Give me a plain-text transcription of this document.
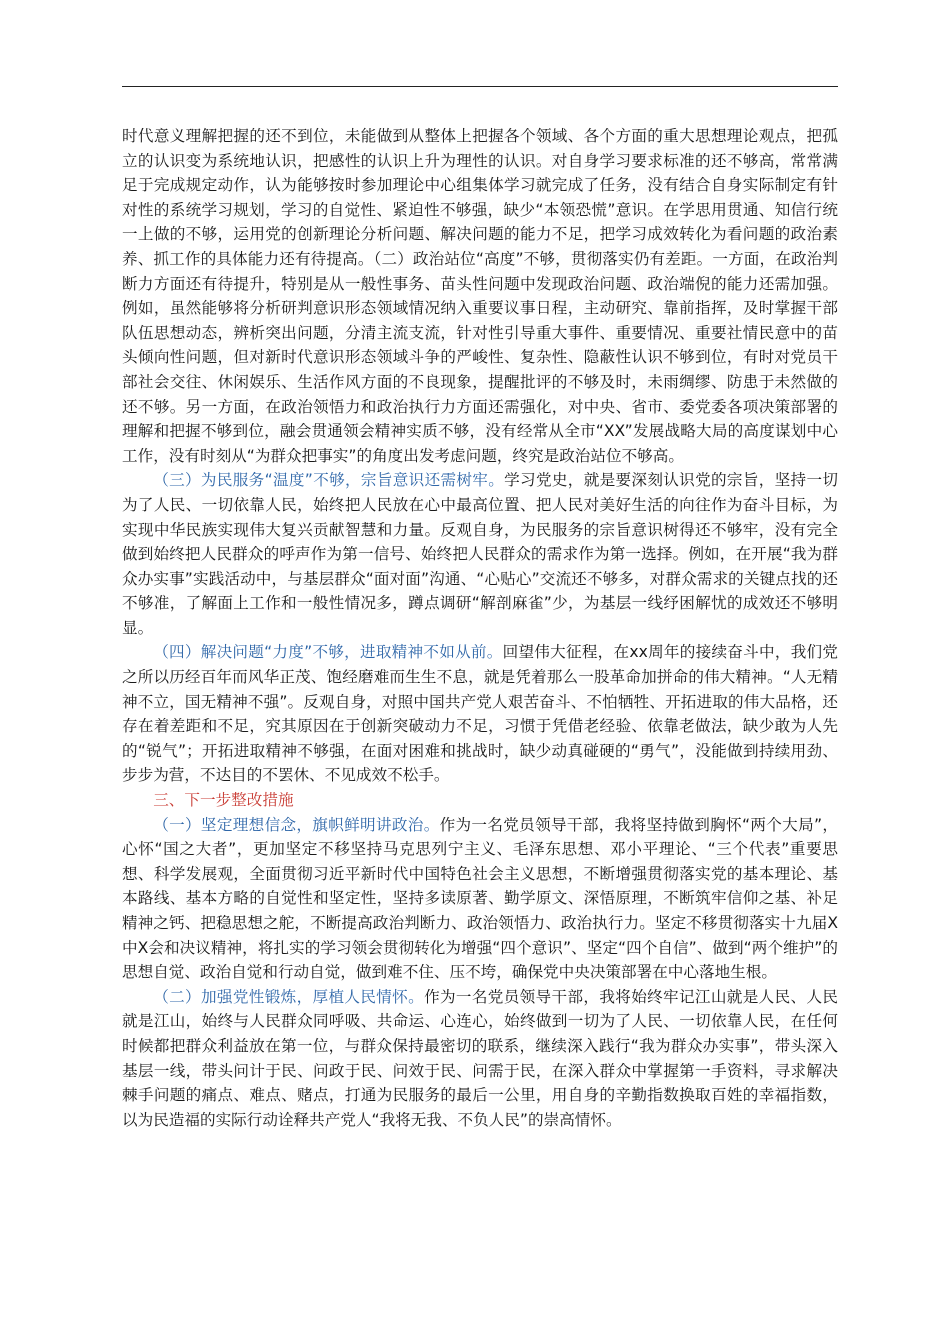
时代意义理解把握的还不到位，未能做到从整体上把握各个领域、各个方面的重大思想理论观点，把孤立的认识变为系统地认识，把感性的认识上升为理性的认识。对自身学习要求标准的还不够高，常常满足于完成规定动作，认为能够按时参加理论中心组集体学习就完成了任务，没有结合自身实际制定有针对性的系统学习规划，学习的自觉性、紧迫性不够强，缺少“本领恐慌”意识。在学思用贯通、知信行统一上做的不够，运用党的创新理论分析问题、解决问题的能力不足，把学习成效转化为看问题的政治素养、抓工作的具体能力还有待提高。（二）政治站位“高度”不够，贯彻落实仍有差距。一方面，在政治判断力方面还有待提升，特别是从一般性事务、苗头性问题中发现政治问题、政治端倪的能力还需加强。例如，虽然能够将分析研判意识形态领域情况纳入重要议事日程，主动研究、靠前指挥，及时掌握干部队伍思想动态，辨析突出问题，分清主流支流，针对性引导重大事件、重要情况、重要社情民意中的苗头倾向性问题，但对新时代意识形态领域斗争的严峻性、复杂性、隐蔽性认识不够到位，有时对党员干部社会交往、休闲娱乐、生活作风方面的不良现象，提醒批评的不够及时，未雨绸缪、防患于未然做的还不够。另一方面，在政治领悟力和政治执行力方面还需强化，对中央、省市、委党委各项决策部署的理解和把握不够到位，融会贯通领会精神实质不够，没有经常从全市“XX”发展战略大局的高度谋划中心工作，没有时刻从“为群众把事实”的角度出发考虑问题，终究是政治站位不够高。

（三）为民服务“温度”不够，宗旨意识还需树牢。学习党史，就是要深刻认识党的宗旨，坚持一切为了人民、一切依靠人民，始终把人民放在心中最高位置、把人民对美好生活的向往作为奋斗目标，为实现中华民族实现伟大复兴贡献智慧和力量。反观自身，为民服务的宗旨意识树得还不够牢，没有完全做到始终把人民群众的呼声作为第一信号、始终把人民群众的需求作为第一选择。例如，在开展“我为群众办实事”实践活动中，与基层群众“面对面”沟通、“心贴心”交流还不够多，对群众需求的关键点找的还不够准，了解面上工作和一般性情况多，蹲点调研“解剖麻雀”少，为基层一线纾困解忧的成效还不够明显。

（四）解决问题“力度”不够，进取精神不如从前。回望伟大征程，在xx周年的接续奋斗中，我们党之所以历经百年而风华正茂、饱经磨难而生生不息，就是凭着那么一股革命加拼命的伟大精神。“人无精神不立，国无精神不强”。反观自身，对照中国共产党人艰苦奋斗、不怕牺牲、开拓进取的伟大品格，还存在着差距和不足，究其原因在于创新突破动力不足，习惯于凭借老经验、依靠老做法，缺少敢为人先的“锐气”；开拓进取精神不够强，在面对困难和挑战时，缺少动真碰硬的“勇气”，没能做到持续用劲、步步为营，不达目的不罢休、不见成效不松手。

三、下一步整改措施

（一）坚定理想信念，旗帜鲜明讲政治。作为一名党员领导干部，我将坚持做到胸怀“两个大局”，心怀“国之大者”，更加坚定不移坚持马克思列宁主义、毛泽东思想、邓小平理论、“三个代表”重要思想、科学发展观，全面贯彻习近平新时代中国特色社会主义思想，不断增强贯彻落实党的基本理论、基本路线、基本方略的自觉性和坚定性，坚持多读原著、勤学原文、深悟原理，不断筑牢信仰之基、补足精神之钙、把稳思想之舵，不断提高政治判断力、政治领悟力、政治执行力。坚定不移贯彻落实十九届X中X会和决议精神，将扎实的学习领会贯彻转化为增强“四个意识”、坚定“四个自信”、做到“两个维护”的思想自觉、政治自觉和行动自觉，做到难不住、压不垮，确保党中央决策部署在中心落地生根。

（二）加强党性锻炼，厚植人民情怀。作为一名党员领导干部，我将始终牢记江山就是人民、人民就是江山，始终与人民群众同呼吸、共命运、心连心，始终做到一切为了人民、一切依靠人民，在任何时候都把群众利益放在第一位，与群众保持最密切的联系，继续深入践行“我为群众办实事”，带头深入基层一线，带头问计于民、问政于民、问效于民、问需于民，在深入群众中掌握第一手资料，寻求解决棘手问题的痛点、难点、赌点，打通为民服务的最后一公里，用自身的辛勤指数换取百姓的幸福指数，以为民造福的实际行动诠释共产党人“我将无我、不负人民”的崇高情怀。
